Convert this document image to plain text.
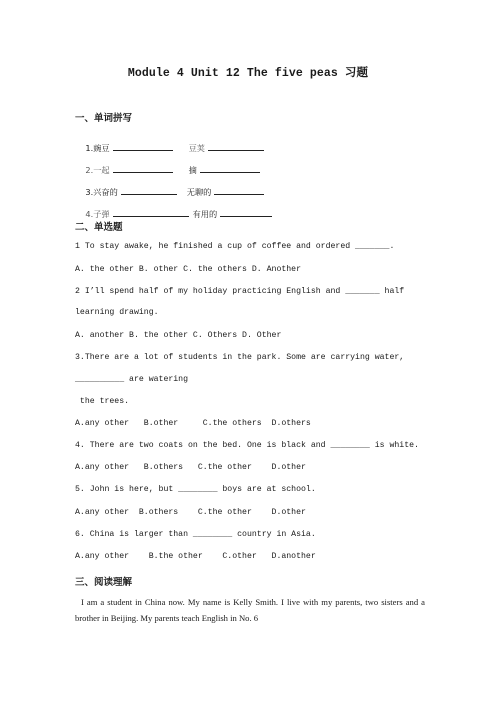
Module 4 Unit 12 The five peas 习题
一、单词拼写

1.豌豆	豆荚

2.一起	摘

3.兴奋的	无聊的

4.子弹	有用的

二、单选题
1 To stay awake, he finished a cup of coffee and ordered _______.
A. the other B. other C. the others D. Another
2 I’ll spend half of my holiday practicing English and _______ half
learning drawing.
A. another B. the other C. Others D. Other
3.There are a lot of students in the park. Some are carrying water,
__________ are watering
the trees.
A.any other   B.other     C.the others  D.others
4. There are two coats on the bed. One is black and ________ is white.
A.any other   B.others   C.the other    D.other
5. John is here, but ________ boys are at school.
A.any other  B.others    C.the other    D.other
6. China is larger than ________ country in Asia.
A.any other    B.the other    C.other   D.another
三、阅读理解
I am a student in China now. My name is Kelly Smith. I live with my parents, two sisters and a brother in Beijing. My parents teach English in No. 6
